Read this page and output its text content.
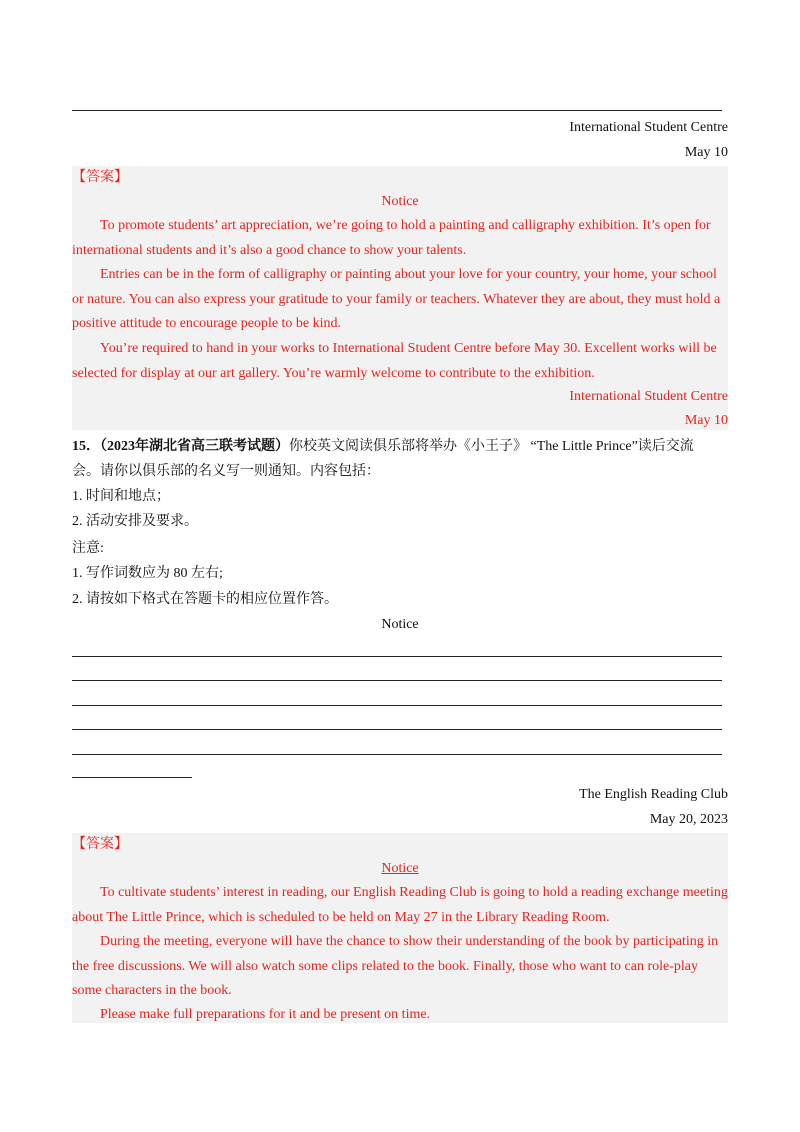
International Student Centre
May 10
【答案】
Notice
To promote students’ art appreciation, we’re going to hold a painting and calligraphy exhibition. It’s open for international students and it’s also a good chance to show your talents.
Entries can be in the form of calligraphy or painting about your love for your country, your home, your school or nature. You can also express your gratitude to your family or teachers. Whatever they are about, they must hold a positive attitude to encourage people to be kind.
You’re required to hand in your works to International Student Centre before May 30. Excellent works will be selected for display at our art gallery. You’re warmly welcome to contribute to the exhibition.
International Student Centre
May 10
15．（2023年湖北省高三联考试题）你校英文阅读俱乐部将举办《小王子》 “The Little Prince”读后交流
会。请你以俱乐部的名义写一则通知。内容包括：
1. 时间和地点；
2. 活动安排及要求。
注意:
1. 写作词数应为 80 左右;
2. 请按如下格式在答题卡的相应位置作答。
Notice
The English Reading Club
May 20, 2023
【答案】
Notice
To cultivate students’ interest in reading, our English Reading Club is going to hold a reading exchange meeting about The Little Prince, which is scheduled to be held on May 27 in the Library Reading Room.
During the meeting, everyone will have the chance to show their understanding of the book by participating in the free discussions. We will also watch some clips related to the book. Finally, those who want to can role-play some characters in the book.
Please make full preparations for it and be present on time.
